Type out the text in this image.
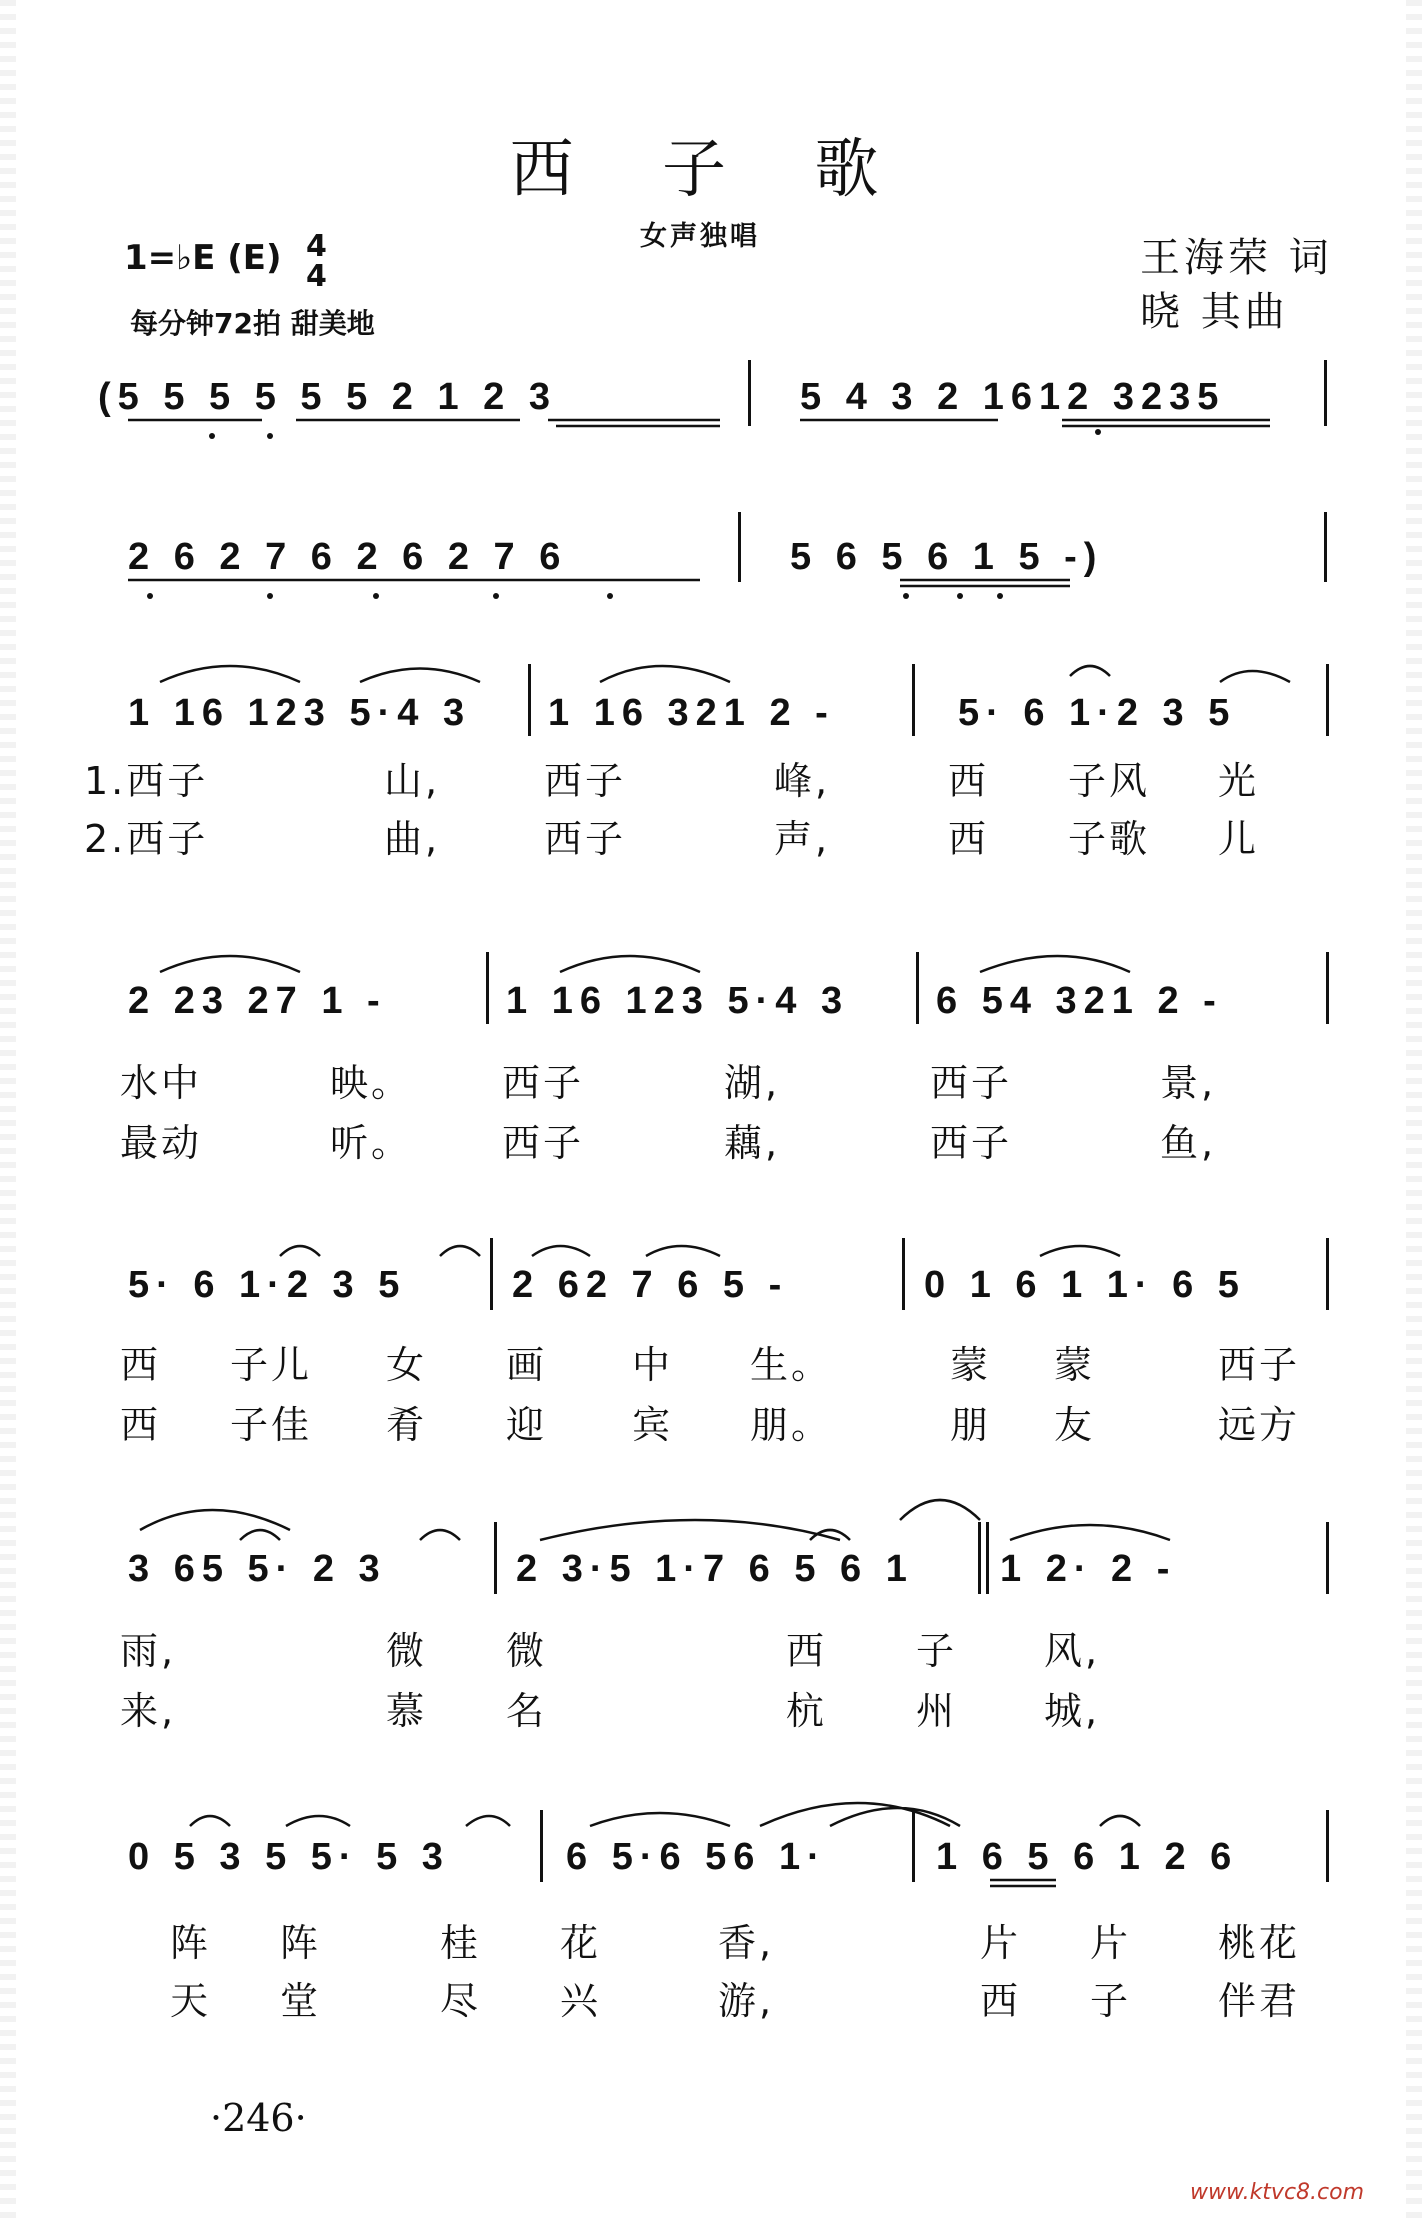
西 子 歌
女声独唱	王海荣 词
晓 其曲
1=♭E (E) 4
4
每分钟72拍 甜美地
(5 5 5 5 5 5 2 1 2 3	5 4 3 2 1612 3235
2 6 2 7 6 2 6 2 7 6	5 6 5 6 1 5 -)
1 16 123 5·4 3 1 16 321 2 -	5· 6 1·2 3 5
1.西子	山,	西子	峰,	西 子风 光
2.西子	曲,	西子	声,	西 子歌 儿
2 23 27 1 -	1 16 123 5·4 3 6 54 321 2 -
水中	映。 西子	湖,	西子	景,
最动	听。 西子	藕,	西子	鱼,
5· 6 1·2 3 5	2 62 7 6 5 -	0 1 6 1 1· 6 5
西 子儿 女 画 中 生。	蒙 蒙	西子
西 子佳 肴 迎 宾 朋。	朋 友	远方
3 65 5· 2 3	2 3·5 1·7 6 5 6 1 1 2· 2 -
雨,	微 微	西 子 风,
来,	慕 名	杭 州 城,
0 5 3 5 5· 5 3	6 5·6 56 1·	1 6 5 6 1 2 6
阵 阵	桂 花	香,	片 片 桃花
天 堂	尽 兴	游,	西 子 伴君
·246·
www.ktvc8.com
